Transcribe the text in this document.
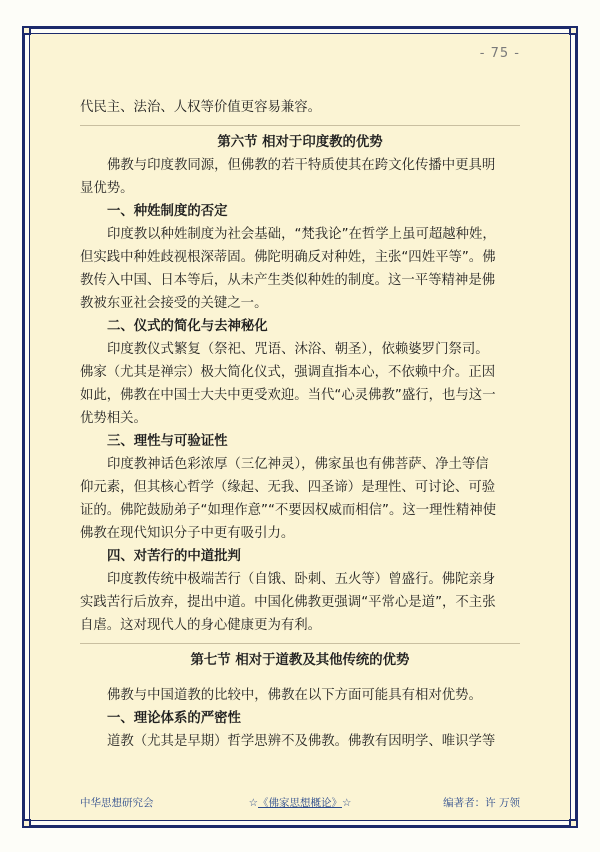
- 75 -
代民主、法治、人权等价值更容易兼容。
第六节 相对于印度教的优势
佛教与印度教同源，但佛教的若干特质使其在跨文化传播中更具明
显优势。
一、种姓制度的否定
印度教以种姓制度为社会基础，“梵我论”在哲学上虽可超越种姓，
但实践中种姓歧视根深蒂固。佛陀明确反对种姓，主张“四姓平等”。佛
教传入中国、日本等后，从未产生类似种姓的制度。这一平等精神是佛
教被东亚社会接受的关键之一。
二、仪式的简化与去神秘化
印度教仪式繁复（祭祀、咒语、沐浴、朝圣），依赖婆罗门祭司。
佛家（尤其是禅宗）极大简化仪式，强调直指本心，不依赖中介。正因
如此，佛教在中国士大夫中更受欢迎。当代“心灵佛教”盛行，也与这一
优势相关。
三、理性与可验证性
印度教神话色彩浓厚（三亿神灵），佛家虽也有佛菩萨、净土等信
仰元素，但其核心哲学（缘起、无我、四圣谛）是理性、可讨论、可验
证的。佛陀鼓励弟子“如理作意”“不要因权威而相信”。这一理性精神使
佛教在现代知识分子中更有吸引力。
四、对苦行的中道批判
印度教传统中极端苦行（自饿、卧刺、五火等）曾盛行。佛陀亲身
实践苦行后放弃，提出中道。中国化佛教更强调“平常心是道”，不主张
自虐。这对现代人的身心健康更为有利。
第七节 相对于道教及其他传统的优势
佛教与中国道教的比较中，佛教在以下方面可能具有相对优势。
一、理论体系的严密性
道教（尤其是早期）哲学思辨不及佛教。佛教有因明学、唯识学等
中华思想研究会	☆《佛家思想概论》☆	编著者：许 万领
